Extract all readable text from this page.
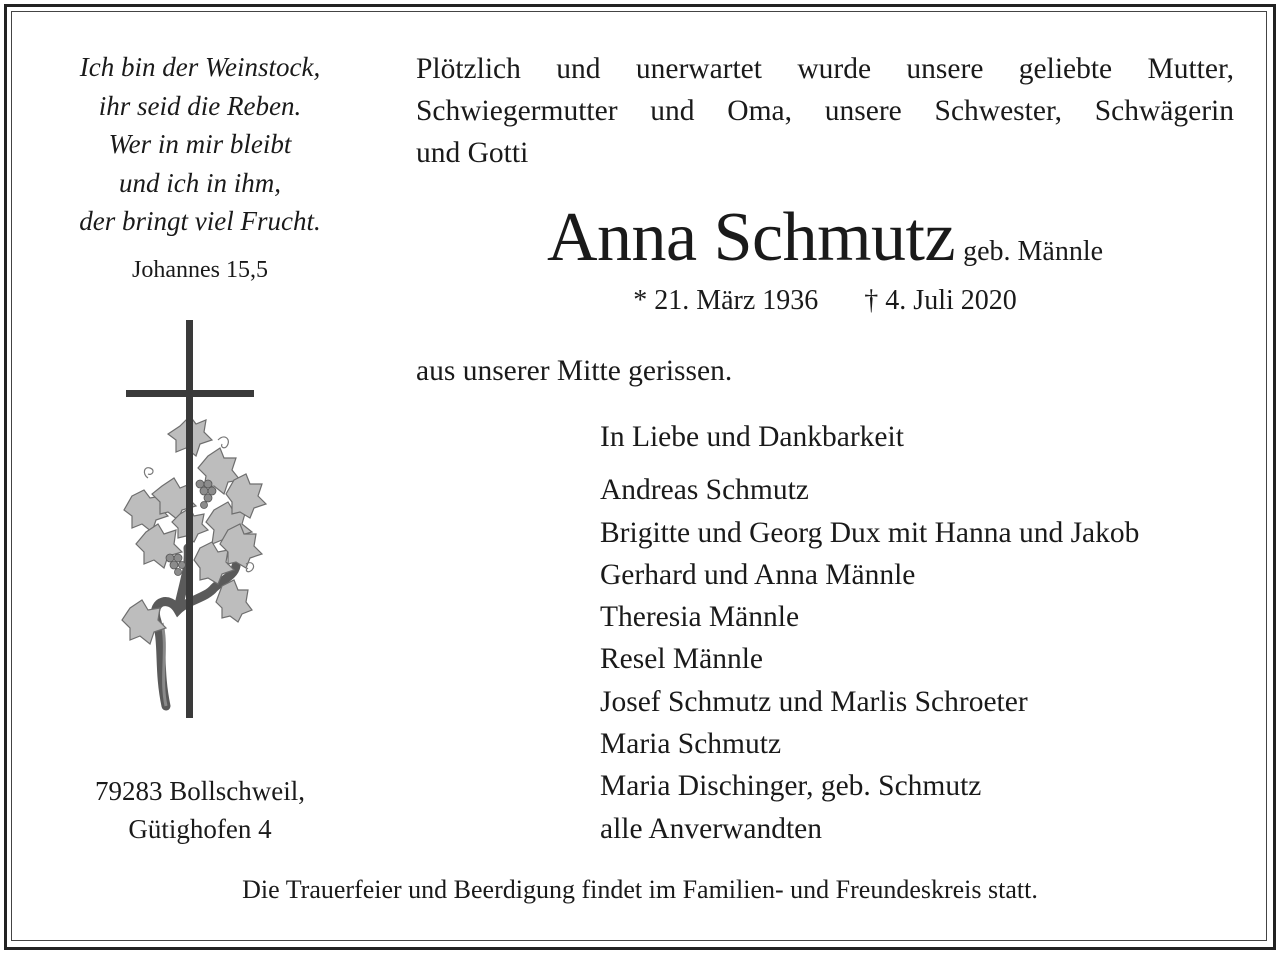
Ich bin der Weinstock,
ihr seid die Reben.
Wer in mir bleibt
und ich in ihm,
der bringt viel Frucht.
Johannes 15,5
79283 Bollschweil,
Gütighofen 4
Plötzlich und unerwartet wurde unsere geliebte Mutter,
Schwiegermutter und Oma, unsere Schwester, Schwägerin
und Gotti
Anna Schmutz geb. Männle
* 21. März 1936 † 4. Juli 2020
aus unserer Mitte gerissen.
In Liebe und Dankbarkeit
Andreas Schmutz
Brigitte und Georg Dux mit Hanna und Jakob
Gerhard und Anna Männle
Theresia Männle
Resel Männle
Josef Schmutz und Marlis Schroeter
Maria Schmutz
Maria Dischinger, geb. Schmutz
alle Anverwandten
Die Trauerfeier und Beerdigung findet im Familien- und Freundeskreis statt.
